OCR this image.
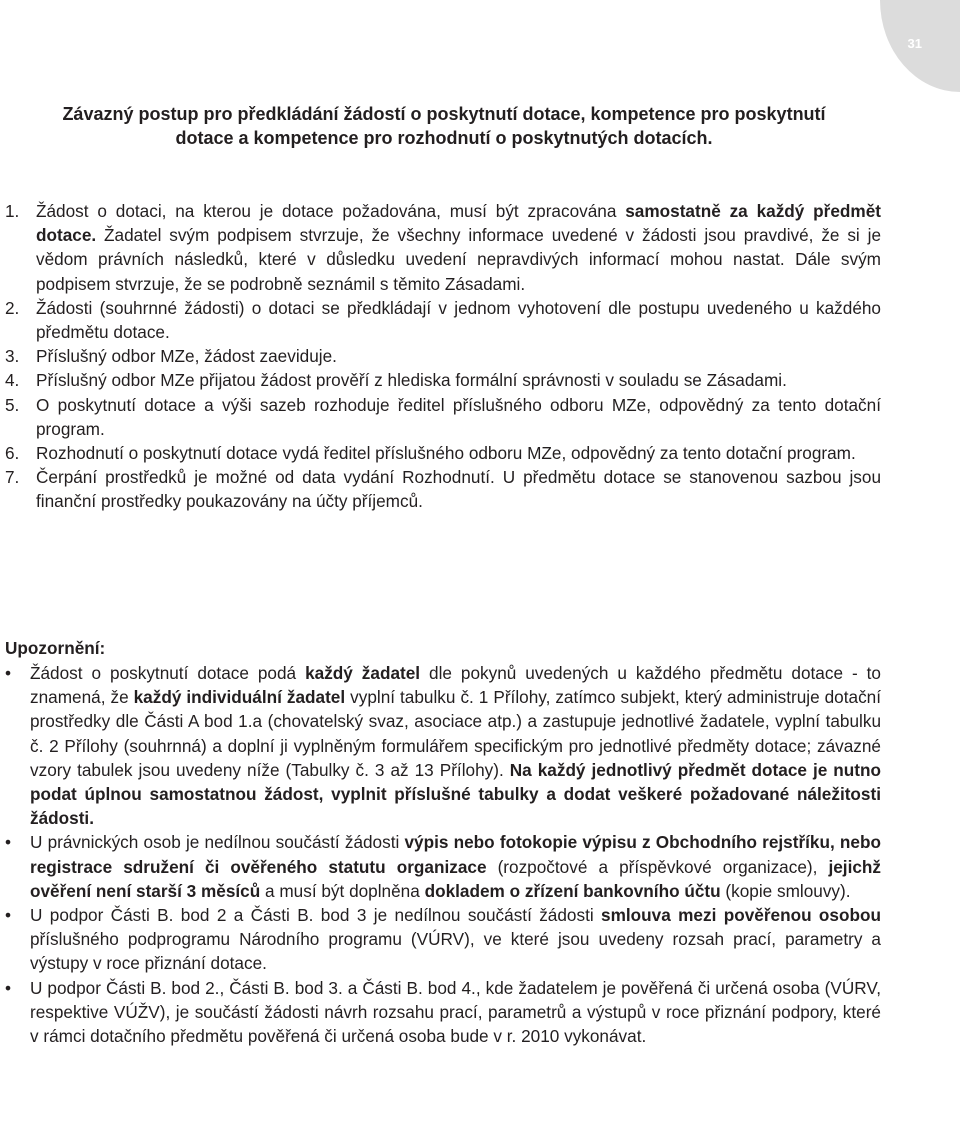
31
Závazný postup pro předkládání žádostí o poskytnutí dotace, kompetence pro poskytnutí
dotace a kompetence pro rozhodnutí o poskytnutých dotacích.
1. Žádost o dotaci, na kterou je dotace požadována, musí být zpracována samostatně za každý předmět dotace. Žadatel svým podpisem stvrzuje, že všechny informace uvedené v žádosti jsou pravdivé, že si je vědom právních následků, které v důsledku uvedení nepravdivých informací mohou nastat. Dále svým podpisem stvrzuje, že se podrobně seznámil s těmito Zásadami.
2. Žádosti (souhrnné žádosti) o dotaci se předkládají v jednom vyhotovení dle postupu uvedeného u každého předmětu dotace.
3. Příslušný odbor MZe, žádost zaeviduje.
4. Příslušný odbor MZe přijatou žádost prověří z hlediska formální správnosti v souladu se Zásadami.
5. O poskytnutí dotace a výši sazeb rozhoduje ředitel příslušného odboru MZe, odpovědný za tento dotační program.
6. Rozhodnutí o poskytnutí dotace vydá ředitel příslušného odboru MZe, odpovědný za tento dotační program.
7. Čerpání prostředků je možné od data vydání Rozhodnutí. U předmětu dotace se stanovenou sazbou jsou finanční prostředky poukazovány na účty příjemců.
Upozornění:
• Žádost o poskytnutí dotace podá každý žadatel dle pokynů uvedených u každého předmětu dotace - to znamená, že každý individuální žadatel vyplní tabulku č. 1 Přílohy, zatímco subjekt, který administruje dotační prostředky dle Části A bod 1.a (chovatelský svaz, asociace atp.) a zastupuje jednotlivé žadatele, vyplní tabulku č. 2 Přílohy (souhrnná) a doplní ji vyplněným formulářem specifickým pro jednotlivé předměty dotace; závazné vzory tabulek jsou uvedeny níže (Tabulky č. 3 až 13 Přílohy). Na každý jednotlivý předmět dotace je nutno podat úplnou samostatnou žádost, vyplnit příslušné tabulky a dodat veškeré požadované náležitosti žádosti.
• U právnických osob je nedílnou součástí žádosti výpis nebo fotokopie výpisu z Obchodního rejstříku, nebo registrace sdružení či ověřeného statutu organizace (rozpočtové a příspěvkové organizace), jejichž ověření není starší 3 měsíců a musí být doplněna dokladem o zřízení bankovního účtu (kopie smlouvy).
• U podpor Části B. bod 2 a Části B. bod 3 je nedílnou součástí žádosti smlouva mezi pověřenou osobou příslušného podprogramu Národního programu (VÚRV), ve které jsou uvedeny rozsah prací, parametry a výstupy v roce přiznání dotace.
• U podpor Části B. bod 2., Části B. bod 3. a Části B. bod 4., kde žadatelem je pověřená či určená osoba (VÚRV, respektive VÚŽV), je součástí žádosti návrh rozsahu prací, parametrů a výstupů v roce přiznání podpory, které v rámci dotačního předmětu pověřená či určená osoba bude v r. 2010 vykonávat.
